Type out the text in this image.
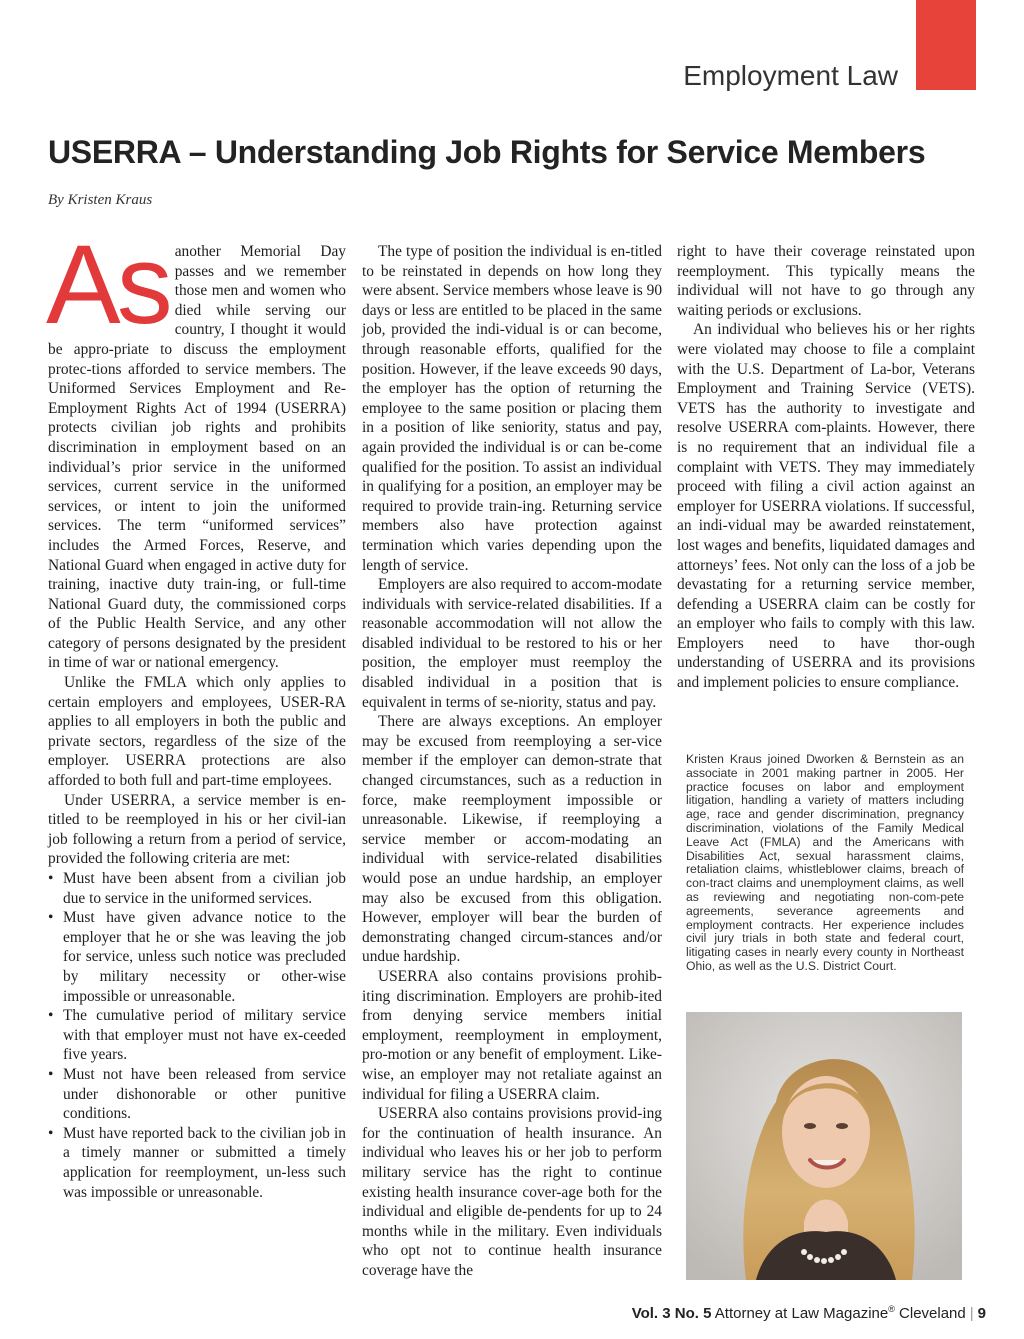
Employment Law
USERRA – Understanding Job Rights for Service Members
By Kristen Kraus

As another Memorial Day passes and we remember those men and women who died while serving our country, I thought it would be appro-priate to discuss the employment protec-tions afforded to service members. The Uniformed Services Employment and Re-Employment Rights Act of 1994 (USERRA) protects civilian job rights and prohibits discrimination in employment based on an individual’s prior service in the uniformed services, current service in the uniformed services, or intent to join the uniformed services. The term “uniformed services” includes the Armed Forces, Reserve, and National Guard when engaged in active duty for training, inactive duty train-ing, or full-time National Guard duty, the commissioned corps of the Public Health Service, and any other category of persons designated by the president in time of war or national emergency.

Unlike the FMLA which only applies to certain employers and employees, USER-RA applies to all employers in both the public and private sectors, regardless of the size of the employer. USERRA protections are also afforded to both full and part-time employees.

Under USERRA, a service member is en-titled to be reemployed in his or her civil-ian job following a return from a period of service, provided the following criteria are met:

• Must have been absent from a civilian job due to service in the uniformed services.
• Must have given advance notice to the employer that he or she was leaving the job for service, unless such notice was precluded by military necessity or other-wise impossible or unreasonable.
• The cumulative period of military service with that employer must not have ex-ceeded five years.
• Must not have been released from service under dishonorable or other punitive conditions.
• Must have reported back to the civilian job in a timely manner or submitted a timely application for reemployment, un-less such was impossible or unreasonable.

The type of position the individual is en-titled to be reinstated in depends on how long they were absent. Service members whose leave is 90 days or less are entitled to be placed in the same job, provided the indi-vidual is or can become, through reasonable efforts, qualified for the position. However, if the leave exceeds 90 days, the employer has the option of returning the employee to the same position or placing them in a position of like seniority, status and pay, again provided the individual is or can be-come qualified for the position. To assist an individual in qualifying for a position, an employer may be required to provide train-ing. Returning service members also have protection against termination which varies depending upon the length of service.

Employers are also required to accom-modate individuals with service-related disabilities. If a reasonable accommodation will not allow the disabled individual to be restored to his or her position, the employer must reemploy the disabled individual in a position that is equivalent in terms of se-niority, status and pay.

There are always exceptions. An employer may be excused from reemploying a ser-vice member if the employer can demon-strate that changed circumstances, such as a reduction in force, make reemployment impossible or unreasonable. Likewise, if reemploying a service member or accom-modating an individual with service-related disabilities would pose an undue hardship, an employer may also be excused from this obligation. However, employer will bear the burden of demonstrating changed circum-stances and/or undue hardship.

USERRA also contains provisions prohib-iting discrimination. Employers are prohib-ited from denying service members initial employment, reemployment in employment, pro-motion or any benefit of employment. Like-wise, an employer may not retaliate against an individual for filing a USERRA claim.

USERRA also contains provisions provid-ing for the continuation of health insurance. An individual who leaves his or her job to perform military service has the right to continue existing health insurance cover-age both for the individual and eligible de-pendents for up to 24 months while in the military. Even individuals who opt not to continue health insurance coverage have the

right to have their coverage reinstated upon reemployment. This typically means the individual will not have to go through any waiting periods or exclusions.

An individual who believes his or her rights were violated may choose to file a complaint with the U.S. Department of La-bor, Veterans Employment and Training Service (VETS). VETS has the authority to investigate and resolve USERRA com-plaints. However, there is no requirement that an individual file a complaint with VETS. They may immediately proceed with filing a civil action against an employer for USERRA violations. If successful, an indi-vidual may be awarded reinstatement, lost wages and benefits, liquidated damages and attorneys’ fees. Not only can the loss of a job be devastating for a returning service member, defending a USERRA claim can be costly for an employer who fails to comply with this law. Employers need to have thor-ough understanding of USERRA and its provisions and implement policies to ensure compliance.

Kristen Kraus joined Dworken & Bernstein as an associate in 2001 making partner in 2005. Her practice focuses on labor and employment litigation, handling a variety of matters including age, race and gender discrimination, pregnancy discrimination, violations of the Family Medical Leave Act (FMLA) and the Americans with Disabilities Act, sexual harassment claims, retaliation claims, whistleblower claims, breach of con-tract claims and unemployment claims, as well as reviewing and negotiating non-com-pete agreements, severance agreements and employment contracts. Her experience includes civil jury trials in both state and federal court, litigating cases in nearly every county in Northeast Ohio, as well as the U.S. District Court.
Vol. 3 No. 5 Attorney at Law Magazine® Cleveland | 9
